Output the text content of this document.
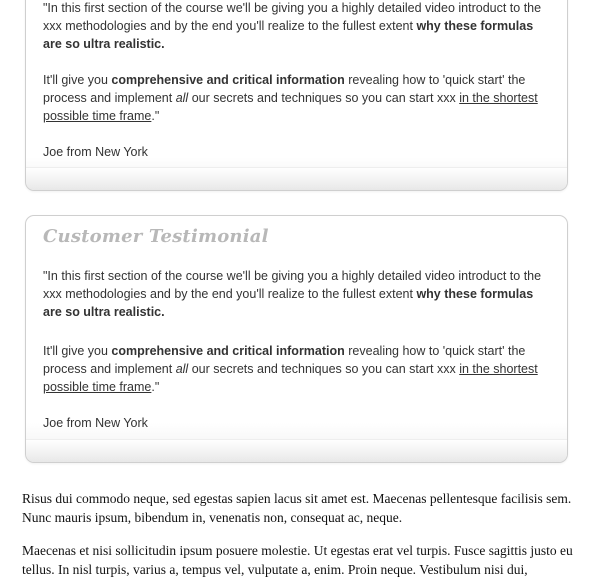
"In this first section of the course we'll be giving you a highly detailed video introduct to the xxx methodologies and by the end you'll realize to the fullest extent why these formulas are so ultra realistic.

It'll give you comprehensive and critical information revealing how to 'quick start' the process and implement all our secrets and techniques so you can start xxx in the shortest possible time frame."

Joe from New York
Customer Testimonial

"In this first section of the course we'll be giving you a highly detailed video introduct to the xxx methodologies and by the end you'll realize to the fullest extent why these formulas are so ultra realistic.

It'll give you comprehensive and critical information revealing how to 'quick start' the process and implement all our secrets and techniques so you can start xxx in the shortest possible time frame."

Joe from New York

Risus dui commodo neque, sed egestas sapien lacus sit amet est. Maecenas pellentesque facilisis sem. Nunc mauris ipsum, bibendum in, venenatis non, consequat ac, neque.

Maecenas et nisi sollicitudin ipsum posuere molestie. Ut egestas erat vel turpis. Fusce sagittis justo eu tellus. In nisl turpis, varius a, tempus vel, vulputate a, enim. Proin neque. Vestibulum nisi dui,
